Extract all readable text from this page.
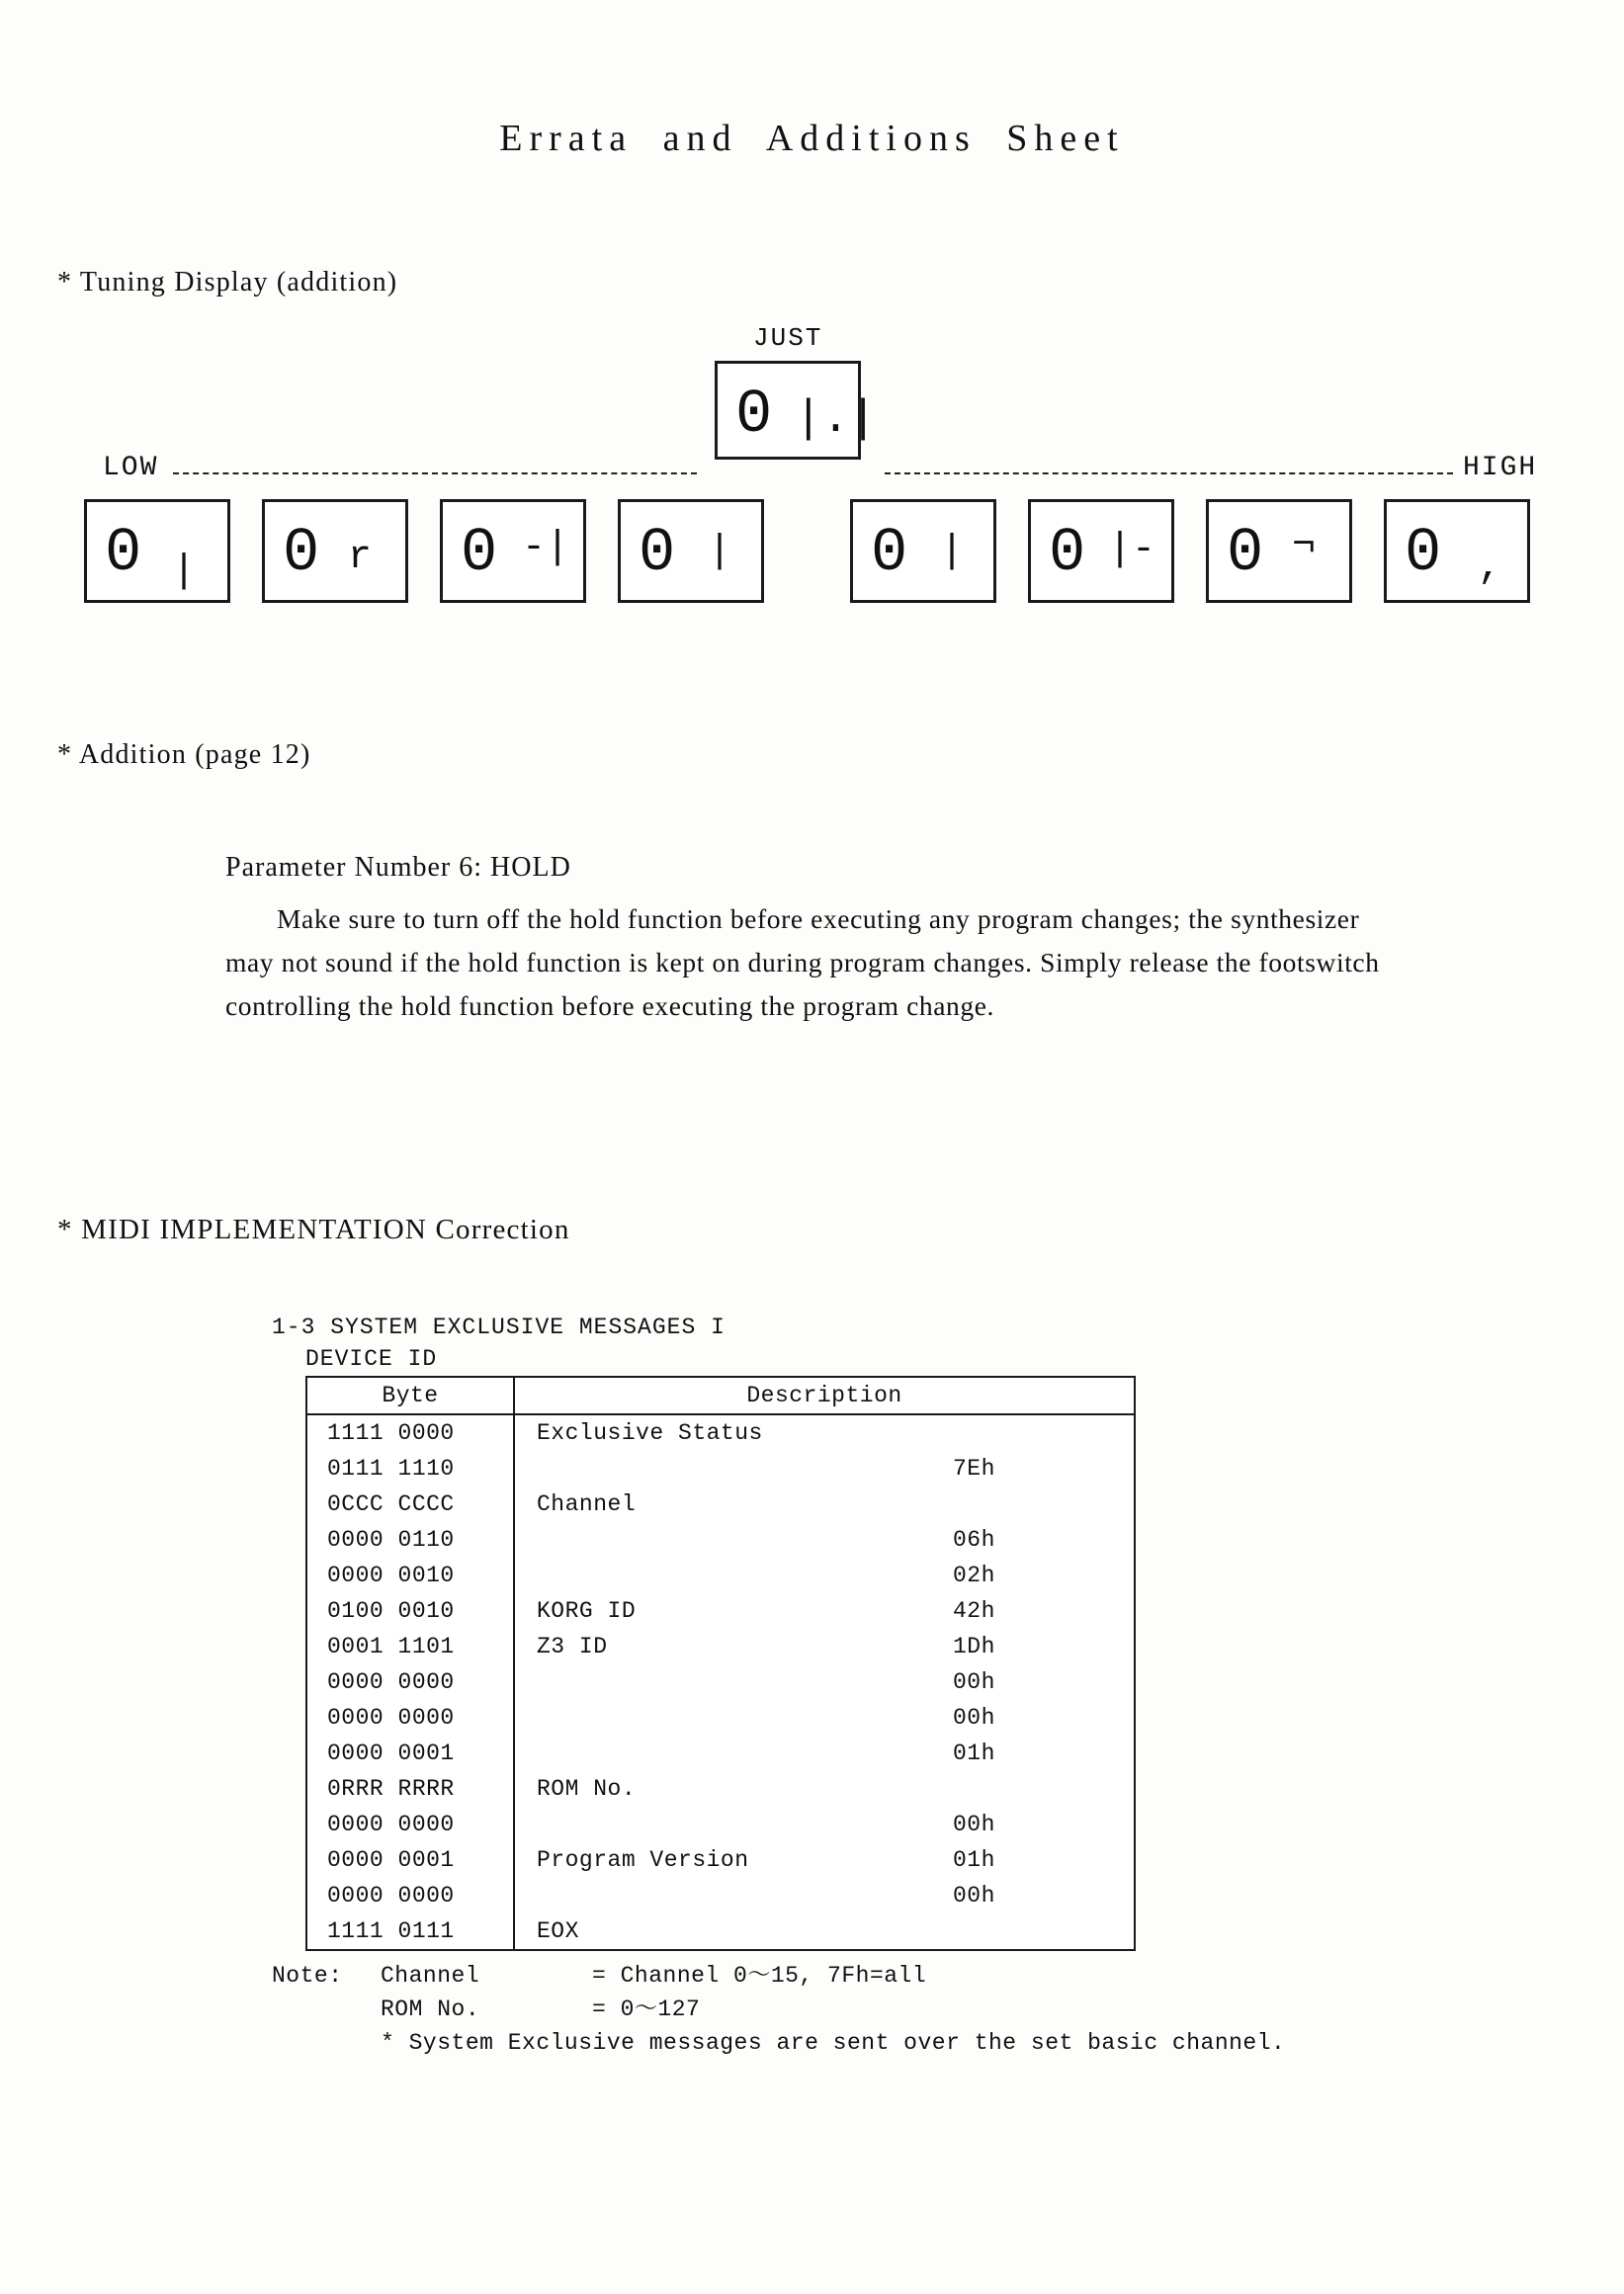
Errata and Additions Sheet
* Tuning Display (addition)
JUST
LOW	HIGH
0 |.|
0 | 0 r 0 -| 0 | 0 | 0 |- 0 ¬ 0 ,
* Addition (page 12)
Parameter Number 6: HOLD
Make sure to turn off the hold function before executing any program changes; the synthesizer may not sound if the hold function is kept on during program changes. Simply release the footswitch controlling the hold function before executing the program change.
* MIDI IMPLEMENTATION Correction
1-3 SYSTEM EXCLUSIVE MESSAGES I
DEVICE ID
Byte	Description	
1111 0000	Exclusive Status	
0111 1110		7Eh
0CCC CCCC	Channel	
0000 0110		06h
0000 0010		02h
0100 0010	KORG ID	42h
0001 1101	Z3 ID	1Dh
0000 0000		00h
0000 0000		00h
0000 0001		01h
0RRR RRRR	ROM No.	
0000 0000		00h
0000 0001	Program Version	01h
0000 0000		00h
1111 0111	EOX	
Note:	Channel	= Channel 0～15, 7Fh=all
ROM No.	= 0～127
* System Exclusive messages are sent over the set basic channel.
